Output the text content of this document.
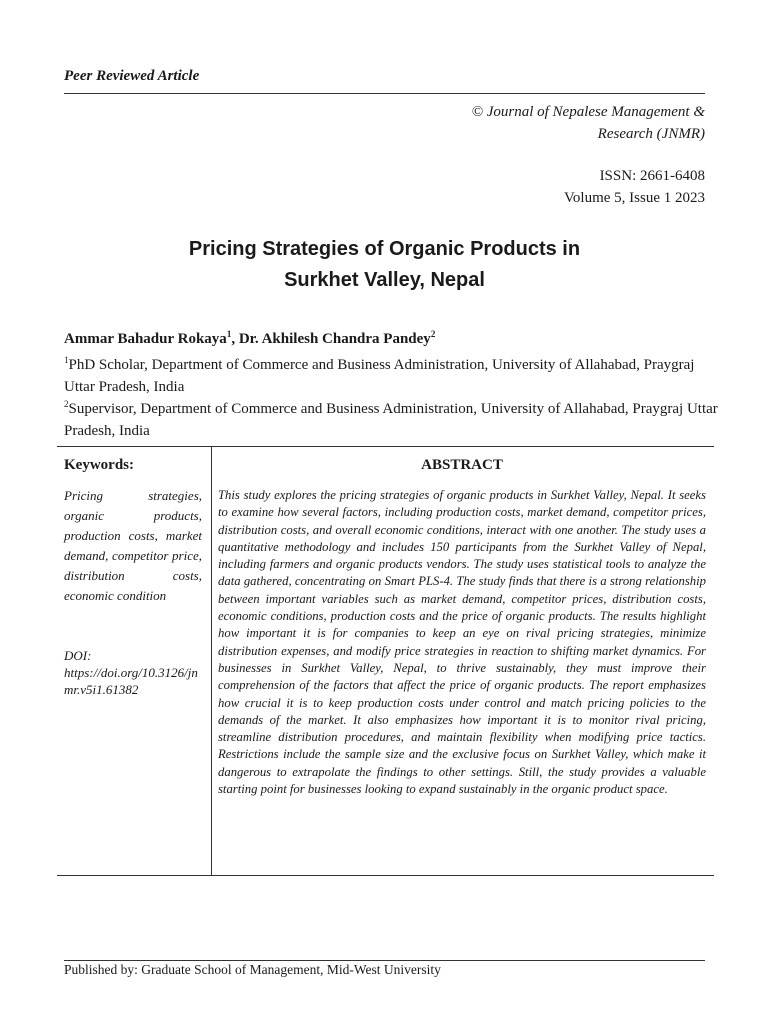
Peer Reviewed Article
© Journal of Nepalese Management &
Research (JNMR)
ISSN: 2661-6408
Volume 5, Issue 1 2023
Pricing Strategies of Organic Products in
Surkhet Valley, Nepal
Ammar Bahadur Rokaya$^1$, Dr. Akhilesh Chandra Pandey$^2$
$^1$PhD Scholar, Department of Commerce and Business Administration, University of Allahabad, Praygraj Uttar Pradesh, India
$^2$Supervisor, Department of Commerce and Business Administration, University of Allahabad, Praygraj Uttar Pradesh, India
Keywords:
Pricing strategies, organic products, production costs, market demand, competitor price, distribution costs, economic condition
DOI:
https://doi.org/10.3126/jnmr.v5i1.61382
ABSTRACT
This study explores the pricing strategies of organic products in Surkhet Valley, Nepal. It seeks to examine how several factors, including production costs, market demand, competitor prices, distribution costs, and overall economic conditions, interact with one another. The study uses a quantitative methodology and includes 150 participants from the Surkhet Valley of Nepal, including farmers and organic products vendors. The study uses statistical tools to analyze the data gathered, concentrating on Smart PLS-4. The study finds that there is a strong relationship between important variables such as market demand, competitor prices, distribution costs, economic conditions, production costs and the price of organic products. The results highlight how important it is for companies to keep an eye on rival pricing strategies, minimize distribution expenses, and modify price strategies in reaction to shifting market dynamics. For businesses in Surkhet Valley, Nepal, to thrive sustainably, they must improve their comprehension of the factors that affect the price of organic products. The report emphasizes how crucial it is to keep production costs under control and match pricing policies to the demands of the market. It also emphasizes how important it is to monitor rival pricing, streamline distribution procedures, and maintain flexibility when modifying price tactics. Restrictions include the sample size and the exclusive focus on Surkhet Valley, which make it dangerous to extrapolate the findings to other settings. Still, the study provides a valuable starting point for businesses looking to expand sustainably in the organic product space.
Published by: Graduate School of Management, Mid-West University
